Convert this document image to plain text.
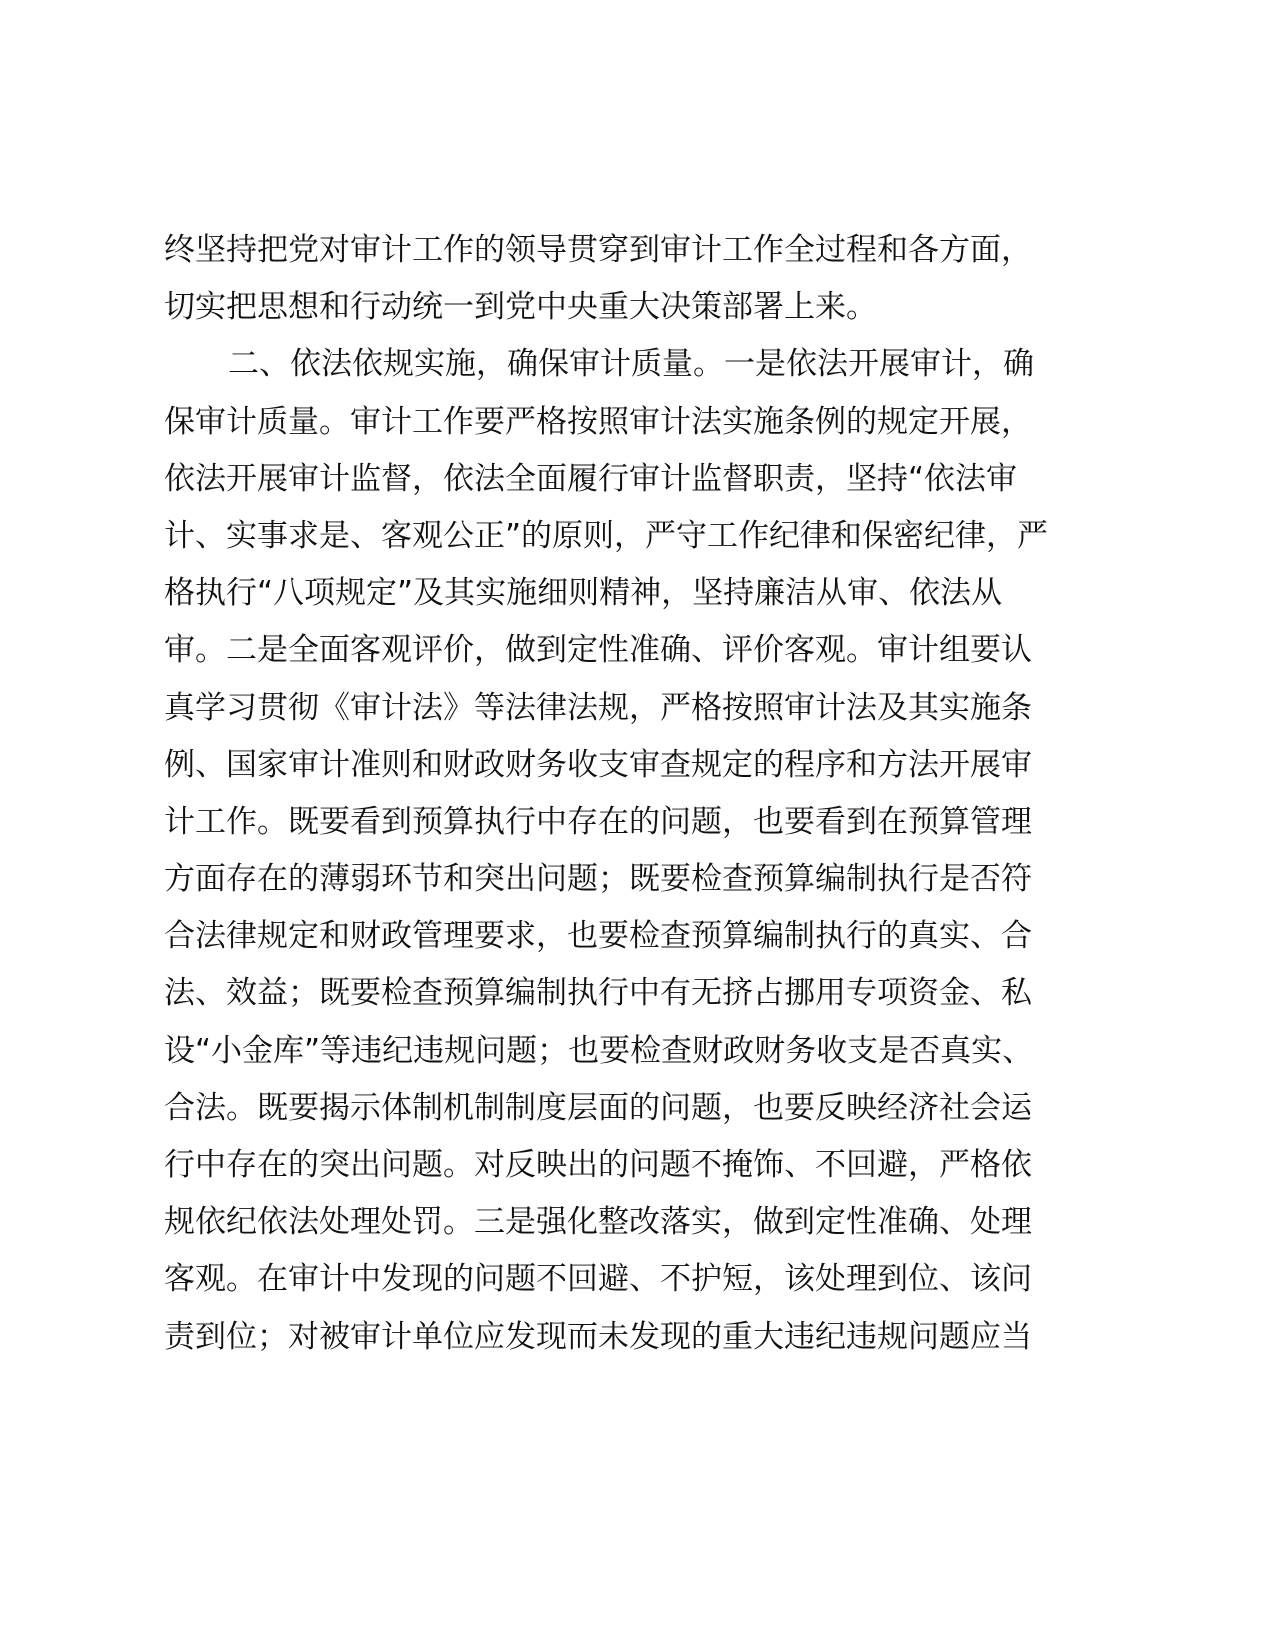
终坚持把党对审计工作的领导贯穿到审计工作全过程和各方面，
切实把思想和行动统一到党中央重大决策部署上来。
二、依法依规实施，确保审计质量。一是依法开展审计，确
保审计质量。审计工作要严格按照审计法实施条例的规定开展，
依法开展审计监督，依法全面履行审计监督职责，坚持“依法审
计、实事求是、客观公正”的原则，严守工作纪律和保密纪律，严
格执行“八项规定”及其实施细则精神，坚持廉洁从审、依法从
审。二是全面客观评价，做到定性准确、评价客观。审计组要认
真学习贯彻《审计法》等法律法规，严格按照审计法及其实施条
例、国家审计准则和财政财务收支审查规定的程序和方法开展审
计工作。既要看到预算执行中存在的问题，也要看到在预算管理
方面存在的薄弱环节和突出问题；既要检查预算编制执行是否符
合法律规定和财政管理要求，也要检查预算编制执行的真实、合
法、效益；既要检查预算编制执行中有无挤占挪用专项资金、私
设“小金库”等违纪违规问题；也要检查财政财务收支是否真实、
合法。既要揭示体制机制制度层面的问题，也要反映经济社会运
行中存在的突出问题。对反映出的问题不掩饰、不回避，严格依
规依纪依法处理处罚。三是强化整改落实，做到定性准确、处理
客观。在审计中发现的问题不回避、不护短，该处理到位、该问
责到位；对被审计单位应发现而未发现的重大违纪违规问题应当
